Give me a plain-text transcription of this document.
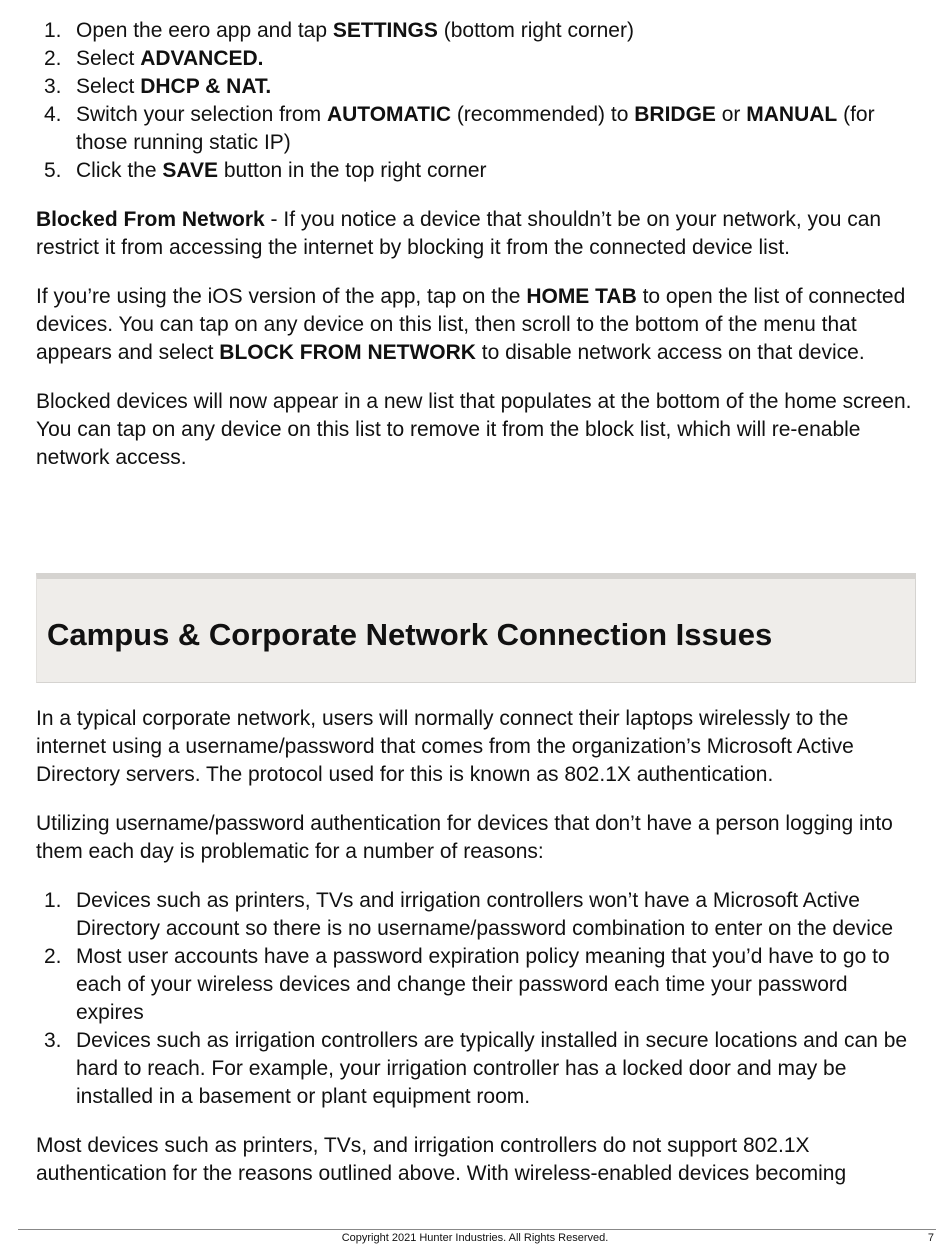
1. Open the eero app and tap SETTINGS (bottom right corner)
2. Select ADVANCED.
3. Select DHCP & NAT.
4. Switch your selection from AUTOMATIC (recommended) to BRIDGE or MANUAL (for those running static IP)
5. Click the SAVE button in the top right corner

Blocked From Network - If you notice a device that shouldn’t be on your network, you can restrict it from accessing the internet by blocking it from the connected device list.

If you’re using the iOS version of the app, tap on the HOME TAB to open the list of connected devices. You can tap on any device on this list, then scroll to the bottom of the menu that appears and select BLOCK FROM NETWORK to disable network access on that device.

Blocked devices will now appear in a new list that populates at the bottom of the home screen. You can tap on any device on this list to remove it from the block list, which will re-enable network access.

Campus & Corporate Network Connection Issues

In a typical corporate network, users will normally connect their laptops wirelessly to the internet using a username/password that comes from the organization’s Microsoft Active Directory servers. The protocol used for this is known as 802.1X authentication.

Utilizing username/password authentication for devices that don’t have a person logging into them each day is problematic for a number of reasons:

1. Devices such as printers, TVs and irrigation controllers won’t have a Microsoft Active Directory account so there is no username/password combination to enter on the device
2. Most user accounts have a password expiration policy meaning that you’d have to go to each of your wireless devices and change their password each time your password expires
3. Devices such as irrigation controllers are typically installed in secure locations and can be hard to reach. For example, your irrigation controller has a locked door and may be installed in a basement or plant equipment room.

Most devices such as printers, TVs, and irrigation controllers do not support 802.1X authentication for the reasons outlined above. With wireless-enabled devices becoming

Copyright 2021 Hunter Industries. All Rights Reserved.	7
